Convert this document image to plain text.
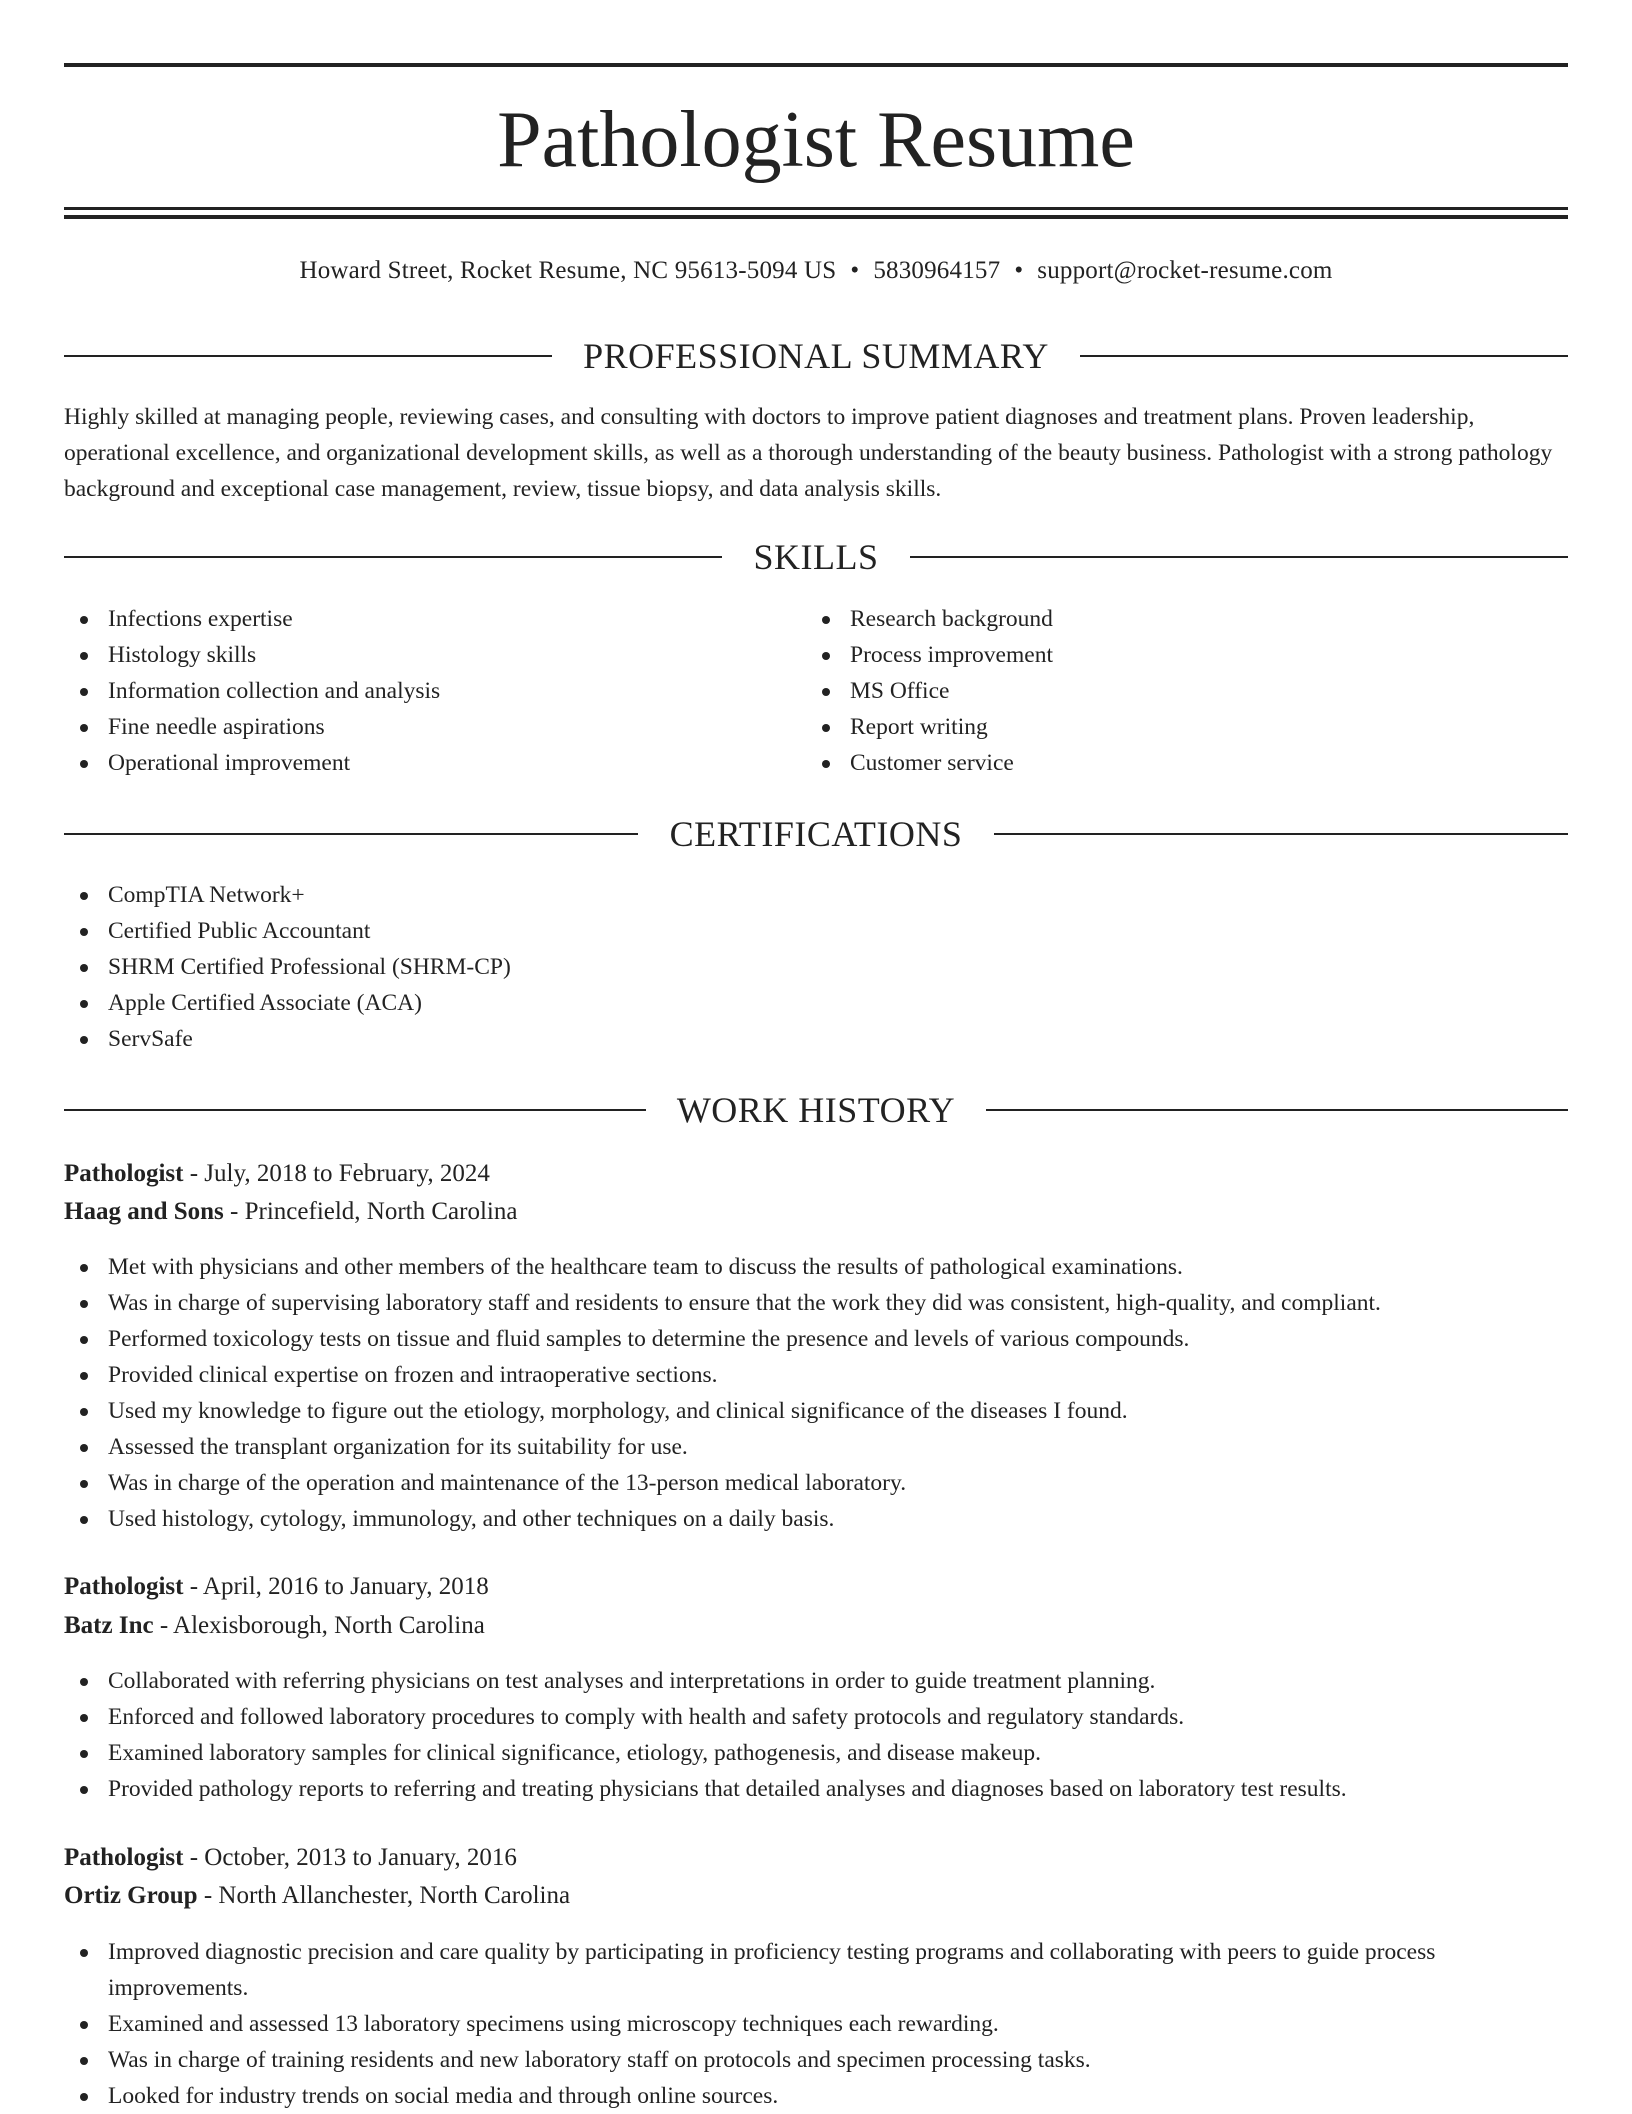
Pathologist Resume
Howard Street, Rocket Resume, NC 95613-5094 US • 5830964157 • support@rocket-resume.com
PROFESSIONAL SUMMARY

Highly skilled at managing people, reviewing cases, and consulting with doctors to improve patient diagnoses and treatment plans. Proven leadership, operational excellence, and organizational development skills, as well as a thorough understanding of the beauty business. Pathologist with a strong pathology background and exceptional case management, review, tissue biopsy, and data analysis skills.

SKILLS
Infections expertise
Histology skills
Information collection and analysis
Fine needle aspirations
Operational improvement
Research background
Process improvement
MS Office
Report writing
Customer service
CERTIFICATIONS
CompTIA Network+
Certified Public Accountant
SHRM Certified Professional (SHRM-CP)
Apple Certified Associate (ACA)
ServSafe
WORK HISTORY
Pathologist - July, 2018 to February, 2024
Haag and Sons - Princefield, North Carolina
Met with physicians and other members of the healthcare team to discuss the results of pathological examinations.
Was in charge of supervising laboratory staff and residents to ensure that the work they did was consistent, high-quality, and compliant.
Performed toxicology tests on tissue and fluid samples to determine the presence and levels of various compounds.
Provided clinical expertise on frozen and intraoperative sections.
Used my knowledge to figure out the etiology, morphology, and clinical significance of the diseases I found.
Assessed the transplant organization for its suitability for use.
Was in charge of the operation and maintenance of the 13-person medical laboratory.
Used histology, cytology, immunology, and other techniques on a daily basis.
Pathologist - April, 2016 to January, 2018
Batz Inc - Alexisborough, North Carolina
Collaborated with referring physicians on test analyses and interpretations in order to guide treatment planning.
Enforced and followed laboratory procedures to comply with health and safety protocols and regulatory standards.
Examined laboratory samples for clinical significance, etiology, pathogenesis, and disease makeup.
Provided pathology reports to referring and treating physicians that detailed analyses and diagnoses based on laboratory test results.
Pathologist - October, 2013 to January, 2016
Ortiz Group - North Allanchester, North Carolina
Improved diagnostic precision and care quality by participating in proficiency testing programs and collaborating with peers to guide process improvements.
Examined and assessed 13 laboratory specimens using microscopy techniques each rewarding.
Was in charge of training residents and new laboratory staff on protocols and specimen processing tasks.
Looked for industry trends on social media and through online sources.
